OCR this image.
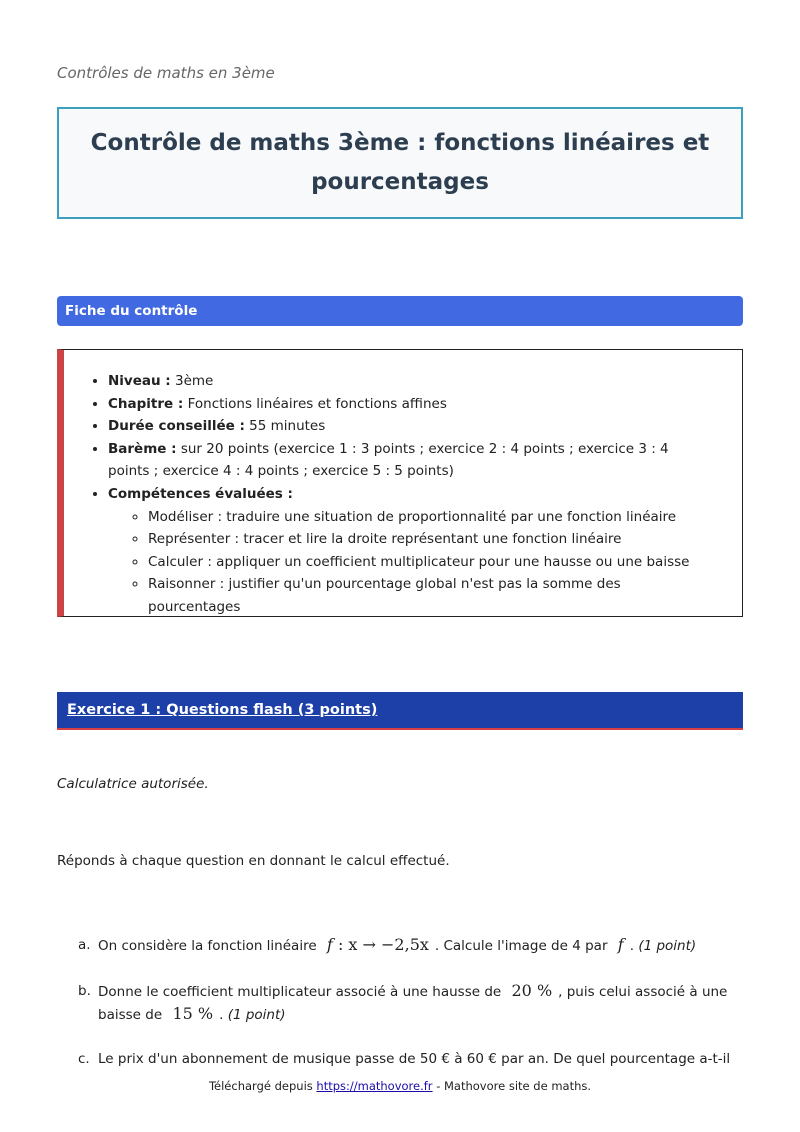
Contrôles de maths en 3ème
Contrôle de maths 3ème : fonctions linéaires et pourcentages
Fiche du contrôle
• Niveau : 3ème
• Chapitre : Fonctions linéaires et fonctions affines
• Durée conseillée : 55 minutes
• Barème : sur 20 points (exercice 1 : 3 points ; exercice 2 : 4 points ; exercice 3 : 4 points ; exercice 4 : 4 points ; exercice 5 : 5 points)
• Compétences évaluées :
◦ Modéliser : traduire une situation de proportionnalité par une fonction linéaire
◦ Représenter : tracer et lire la droite représentant une fonction linéaire
◦ Calculer : appliquer un coefficient multiplicateur pour une hausse ou une baisse
◦ Raisonner : justifier qu'un pourcentage global n'est pas la somme des pourcentages
Exercice 1 : Questions flash (3 points)
Calculatrice autorisée.
Réponds à chaque question en donnant le calcul effectué.
a. On considère la fonction linéaire f : x → −2,5x . Calcule l'image de 4 par f . (1 point)
b. Donne le coefficient multiplicateur associé à une hausse de 20 % , puis celui associé à une baisse de 15 % . (1 point)
c. Le prix d'un abonnement de musique passe de 50 € à 60 € par an. De quel pourcentage a-t-il
Téléchargé depuis https://mathovore.fr - Mathovore site de maths.
